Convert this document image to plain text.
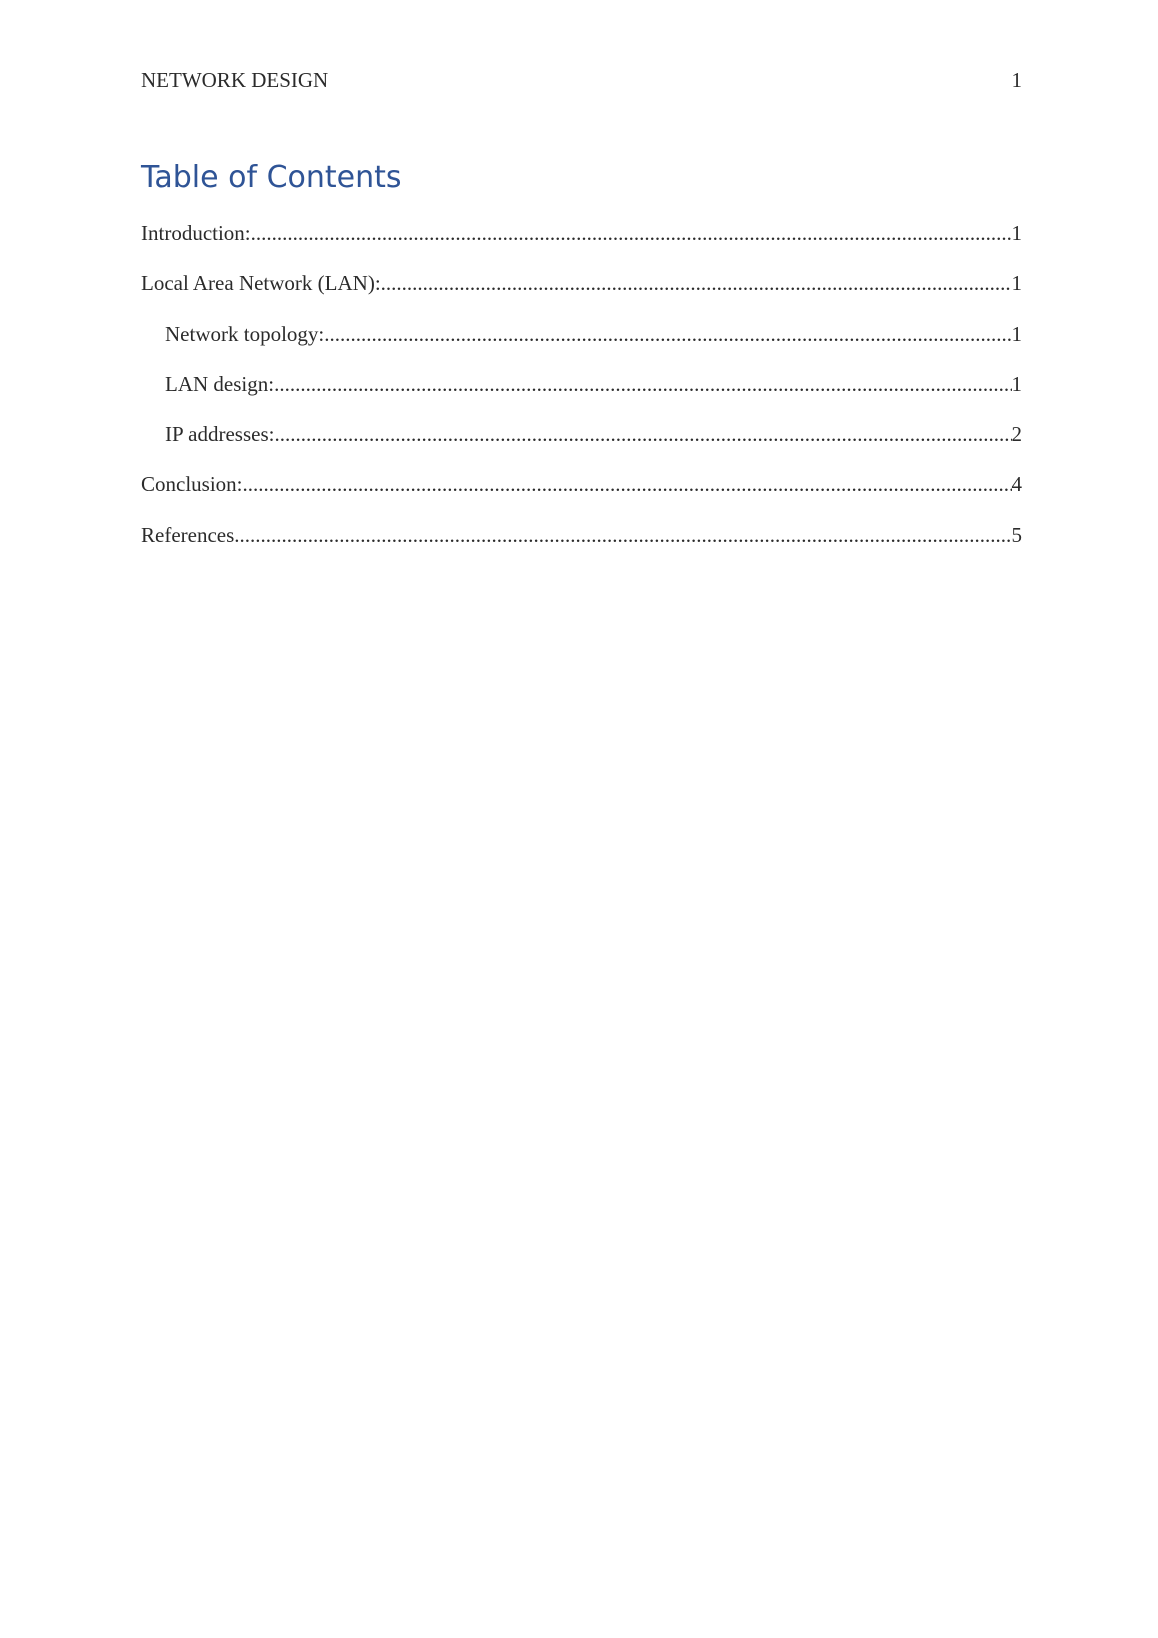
NETWORK DESIGN	1
Table of Contents
Introduction: .....	1
Local Area Network (LAN): .....	1
Network topology: .....	1
LAN design: .....	1
IP addresses: .....	2
Conclusion: .....	4
References .....	5
